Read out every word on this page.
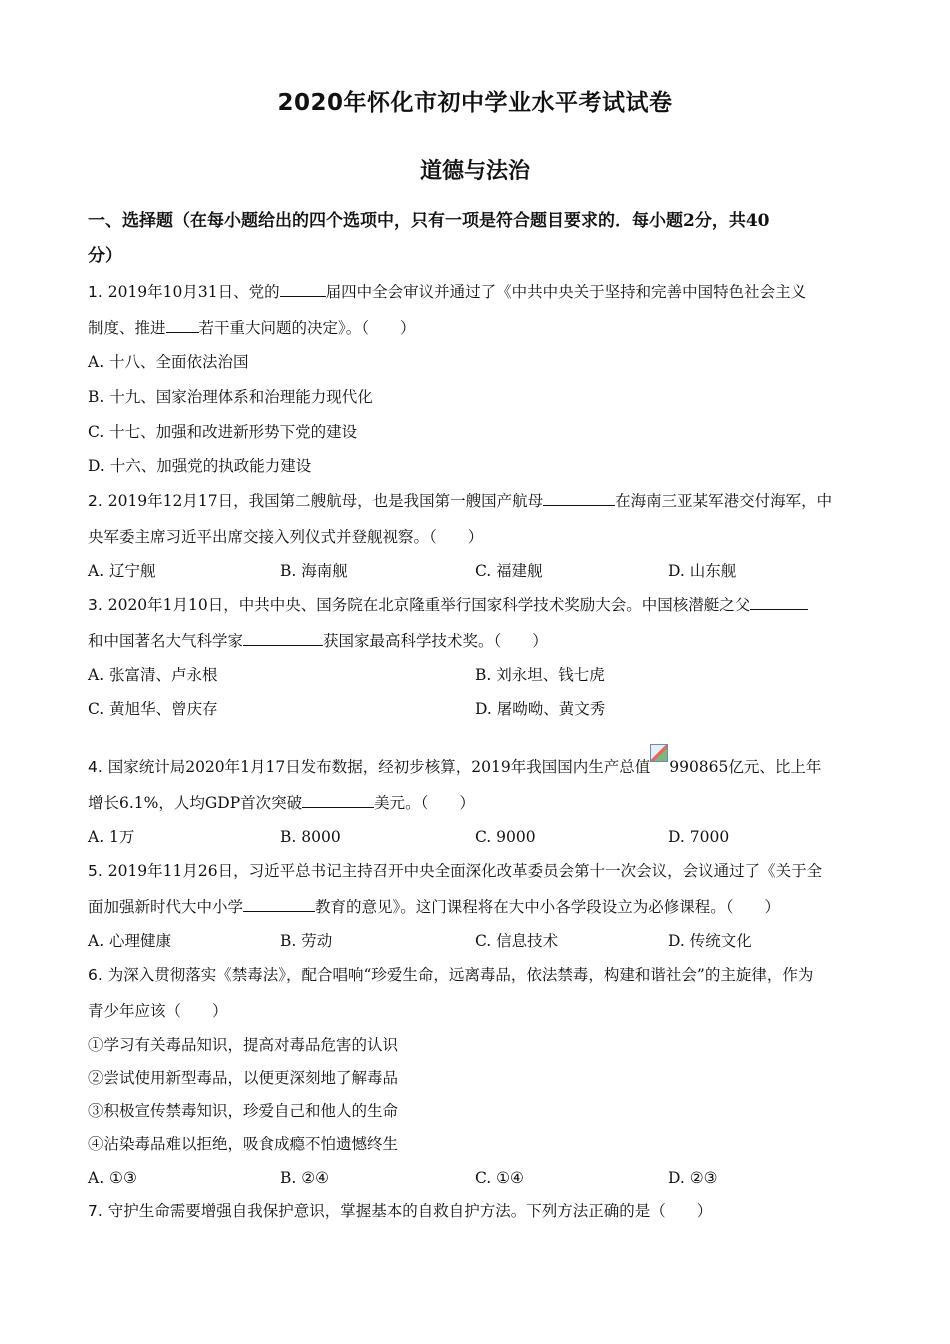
2020年怀化市初中学业水平考试试卷
道德与法治
一、选择题（在每小题给出的四个选项中，只有一项是符合题目要求的．每小题2分，共40
分）
1. 2019年10月31日、党的	届四中全会审议并通过了《中共中央关于坚持和完善中国特色社会主义
制度、推进 若干重大问题的决定》。（　　）
A. 十八、全面依法治国
B. 十九、国家治理体系和治理能力现代化
C. 十七、加强和改进新形势下党的建设
D. 十六、加强党的执政能力建设
2. 2019年12月17日，我国第二艘航母，也是我国第一艘国产航母	在海南三亚某军港交付海军，中
央军委主席习近平出席交接入列仪式并登舰视察。（　　）
A. 辽宁舰	B. 海南舰	C. 福建舰	D. 山东舰
3. 2020年1月10日，中共中央、国务院在北京隆重举行国家科学技术奖励大会。中国核潜艇之父
和中国著名大气科学家	获国家最高科学技术奖。（　　）
A. 张富清、卢永根	B. 刘永坦、钱七虎
C. 黄旭华、曾庆存	D. 屠呦呦、黄文秀
4. 国家统计局2020年1月17日发布数据，经初步核算，2019年我国国内生产总值 990865亿元、比上年
增长6.1%，人均GDP首次突破	美元。（　　）
A. 1万	B. 8000	C. 9000	D. 7000
5. 2019年11月26日，习近平总书记主持召开中央全面深化改革委员会第十一次会议，会议通过了《关于全
面加强新时代大中小学	教育的意见》。这门课程将在大中小各学段设立为必修课程。（　　）
A. 心理健康	B. 劳动	C. 信息技术	D. 传统文化
6. 为深入贯彻落实《禁毒法》，配合唱响“珍爱生命，远离毒品，依法禁毒，构建和谐社会”的主旋律，作为
青少年应该（　　）
①学习有关毒品知识，提高对毒品危害的认识
②尝试使用新型毒品，以便更深刻地了解毒品
③积极宣传禁毒知识，珍爱自己和他人的生命
④沾染毒品难以拒绝，吸食成瘾不怕遗憾终生
A. ①③	B. ②④	C. ①④	D. ②③
7. 守护生命需要增强自我保护意识，掌握基本的自救自护方法。下列方法正确的是（　　）
